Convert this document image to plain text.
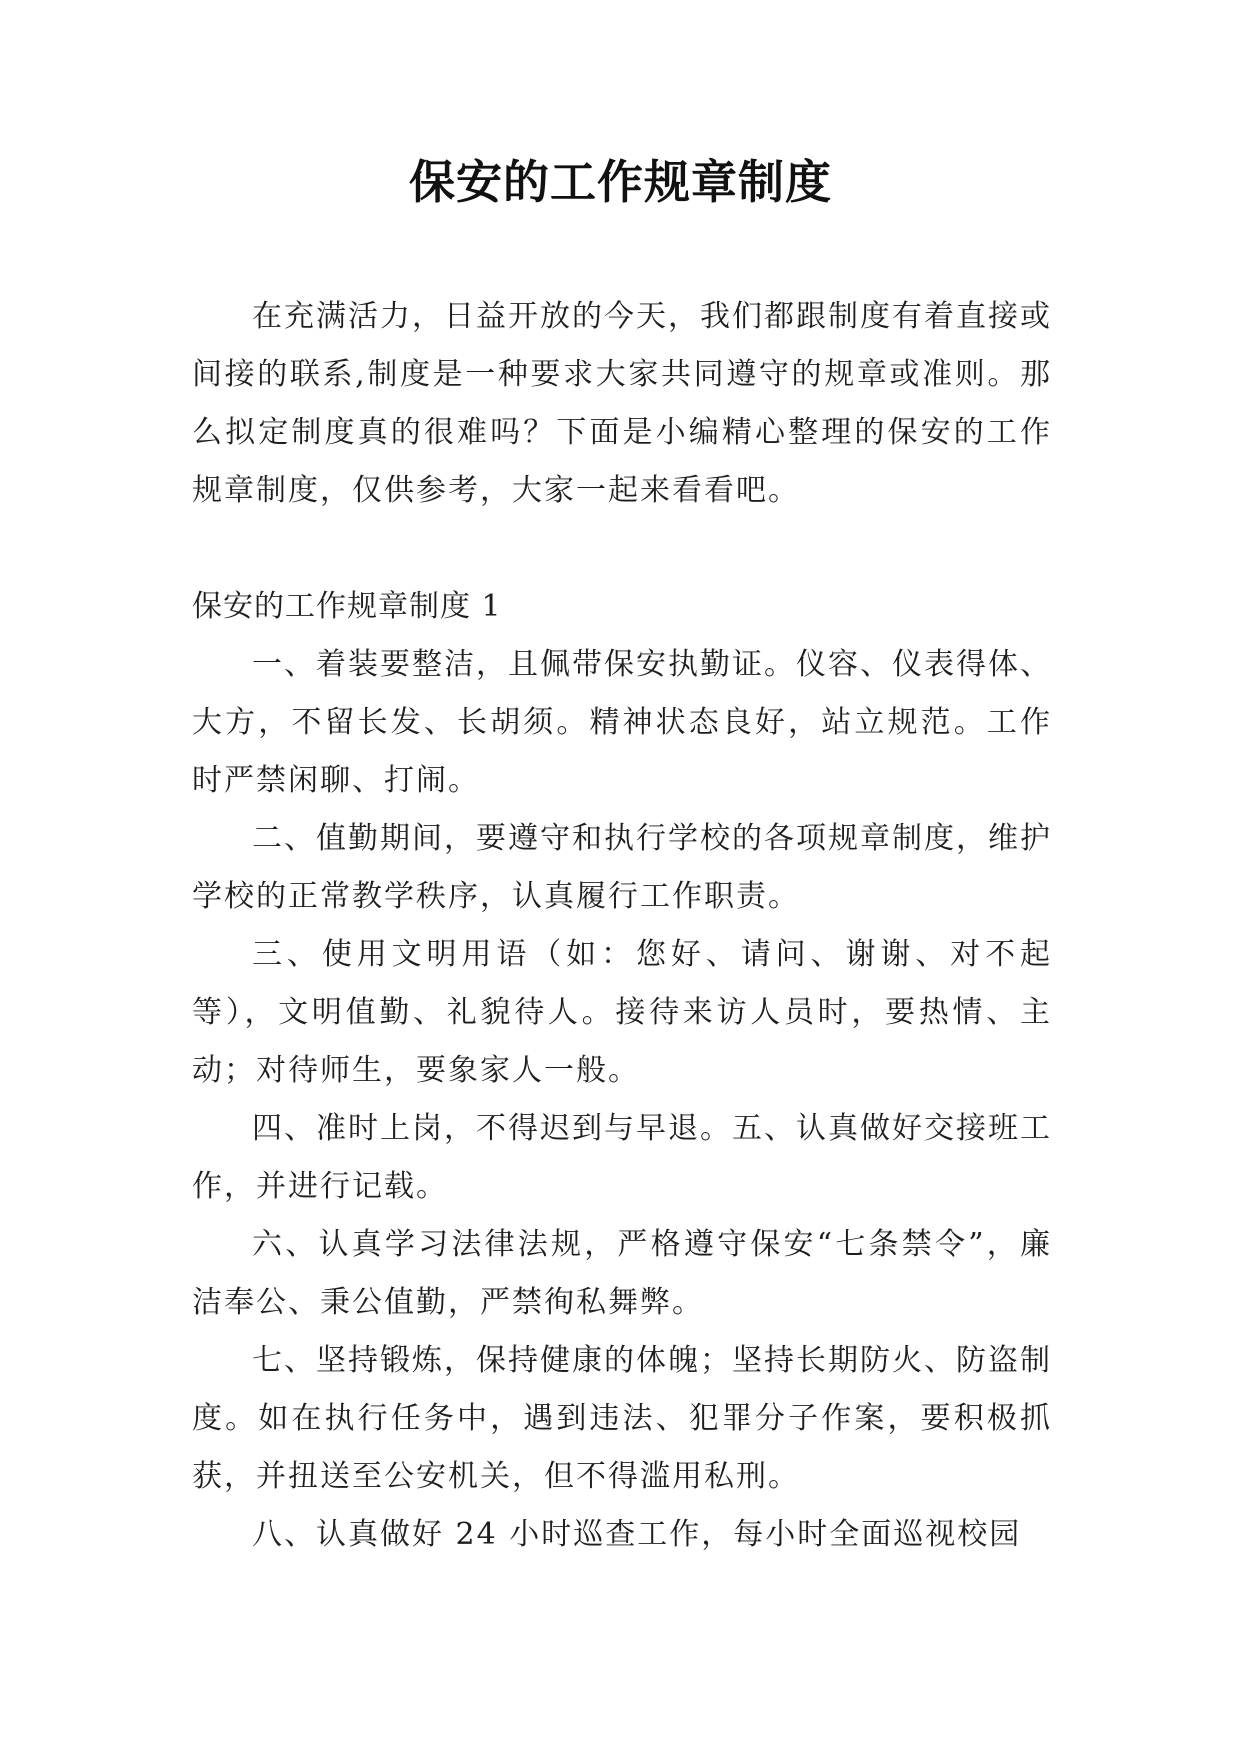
保安的工作规章制度

在充满活力，日益开放的今天，我们都跟制度有着直接或间接的联系,制度是一种要求大家共同遵守的规章或准则。那么拟定制度真的很难吗？下面是小编精心整理的保安的工作规章制度，仅供参考，大家一起来看看吧。

保安的工作规章制度 1

一、着装要整洁，且佩带保安执勤证。仪容、仪表得体、大方，不留长发、长胡须。精神状态良好，站立规范。工作时严禁闲聊、打闹。

二、值勤期间，要遵守和执行学校的各项规章制度，维护学校的正常教学秩序，认真履行工作职责。

三、使用文明用语（如：您好、请问、谢谢、对不起等），文明值勤、礼貌待人。接待来访人员时，要热情、主动；对待师生，要象家人一般。

四、准时上岗，不得迟到与早退。五、认真做好交接班工作，并进行记载。

六、认真学习法律法规，严格遵守保安“七条禁令”，廉洁奉公、秉公值勤，严禁徇私舞弊。

七、坚持锻炼，保持健康的体魄；坚持长期防火、防盗制度。如在执行任务中，遇到违法、犯罪分子作案，要积极抓获，并扭送至公安机关，但不得滥用私刑。

八、认真做好 24 小时巡查工作，每小时全面巡视校园
